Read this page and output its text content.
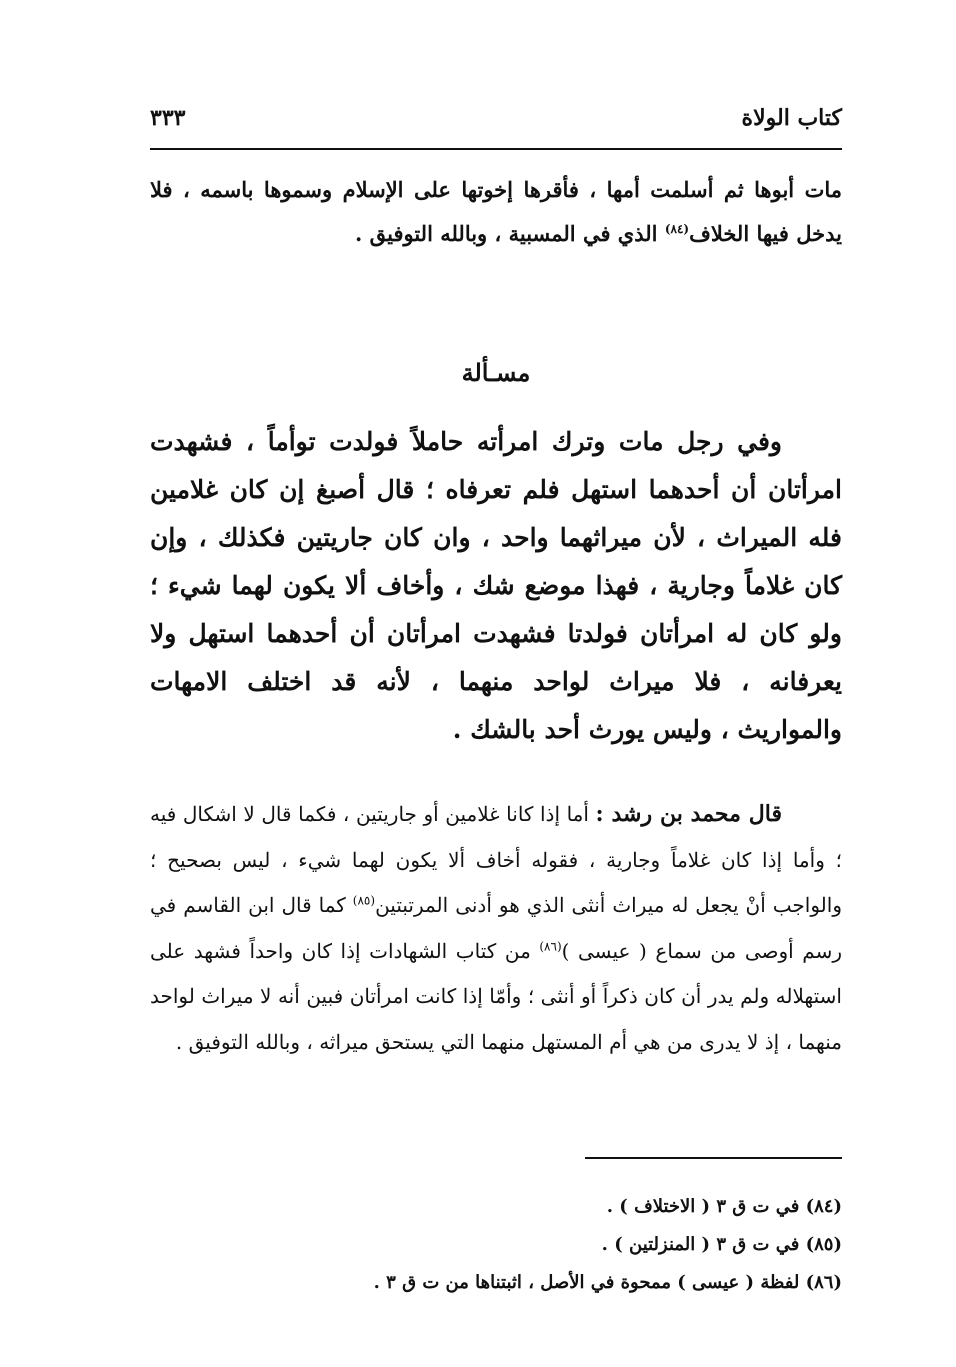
كتاب الولاة
٣٣٣
مات أبوها ثم أسلمت أمها ، فأقرها إخوتها على الإسلام وسموها باسمه ، فلا يدخل فيها الخلاف$^{(٨٤)}$ الذي في المسبية ، وبالله التوفيق .
مسـألة
وفي رجل مات وترك امرأته حاملاً فولدت توأماً ، فشهدت امرأتان أن أحدهما استهل فلم تعرفاه ؛ قال أصبغ إن كان غلامين فله الميراث ، لأن ميراثهما واحد ، وان كان جاريتين فكذلك ، وإن كان غلاماً وجارية ، فهذا موضع شك ، وأخاف ألا يكون لهما شيء ؛ ولو كان له امرأتان فولدتا فشهدت امرأتان أن أحدهما استهل ولا يعرفانه ، فلا ميراث لواحد منهما ، لأنه قد اختلف الامهات والمواريث ، وليس يورث أحد بالشك .
قال محمد بن رشد : أما إذا كانا غلامين أو جاريتين ، فكما قال لا اشكال فيه ؛ وأما إذا كان غلاماً وجارية ، فقوله أخاف ألا يكون لهما شيء ، ليس بصحيح ؛ والواجب أنْ يجعل له ميراث أنثى الذي هو أدنى المرتبتين$^{(٨٥)}$ كما قال ابن القاسم في رسم أوصى من سماع ( عيسى )$^{(٨٦)}$ من كتاب الشهادات إذا كان واحداً فشهد على استهلاله ولم يدر أن كان ذكراً أو أنثى ؛ وأمّا إذا كانت امرأتان فبين أنه لا ميراث لواحد منهما ، إذ لا يدرى من هي أم المستهل منهما التي يستحق ميراثه ، وبالله التوفيق .
(٨٤) في ت ق ٣ ( الاختلاف ) .
(٨٥) في ت ق ٣ ( المنزلتين ) .
(٨٦) لفظة ( عيسى ) ممحوة في الأصل ، اثبتناها من ت ق ٣ .
